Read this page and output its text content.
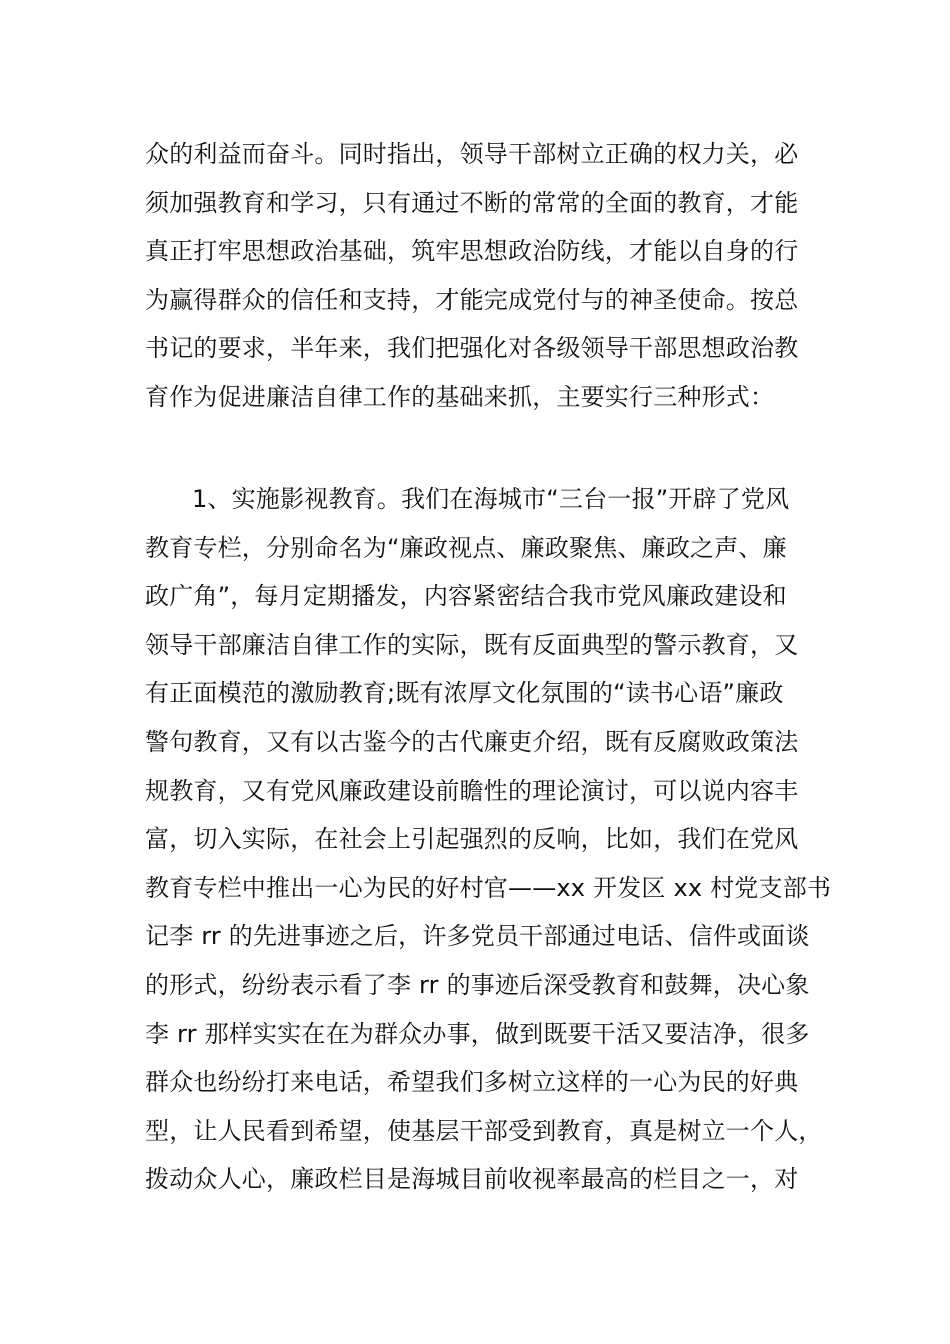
众的利益而奋斗。同时指出，领导干部树立正确的权力关，必
须加强教育和学习，只有通过不断的常常的全面的教育，才能
真正打牢思想政治基础，筑牢思想政治防线，才能以自身的行
为赢得群众的信任和支持，才能完成党付与的神圣使命。按总
书记的要求，半年来，我们把强化对各级领导干部思想政治教
育作为促进廉洁自律工作的基础来抓，主要实行三种形式：
1、实施影视教育。我们在海城市“三台一报”开辟了党风
教育专栏，分别命名为“廉政视点、廉政聚焦、廉政之声、廉
政广角”，每月定期播发，内容紧密结合我市党风廉政建设和
领导干部廉洁自律工作的实际，既有反面典型的警示教育，又
有正面模范的激励教育;既有浓厚文化氛围的“读书心语”廉政
警句教育，又有以古鉴今的古代廉吏介绍，既有反腐败政策法
规教育，又有党风廉政建设前瞻性的理论演讨，可以说内容丰
富，切入实际，在社会上引起强烈的反响，比如，我们在党风
教育专栏中推出一心为民的好村官——xx 开发区 xx 村党支部书
记李 rr 的先进事迹之后，许多党员干部通过电话、信件或面谈
的形式，纷纷表示看了李 rr 的事迹后深受教育和鼓舞，决心象
李 rr 那样实实在在为群众办事，做到既要干活又要洁净，很多
群众也纷纷打来电话，希望我们多树立这样的一心为民的好典
型，让人民看到希望，使基层干部受到教育，真是树立一个人，
拨动众人心，廉政栏目是海城目前收视率最高的栏目之一，对
